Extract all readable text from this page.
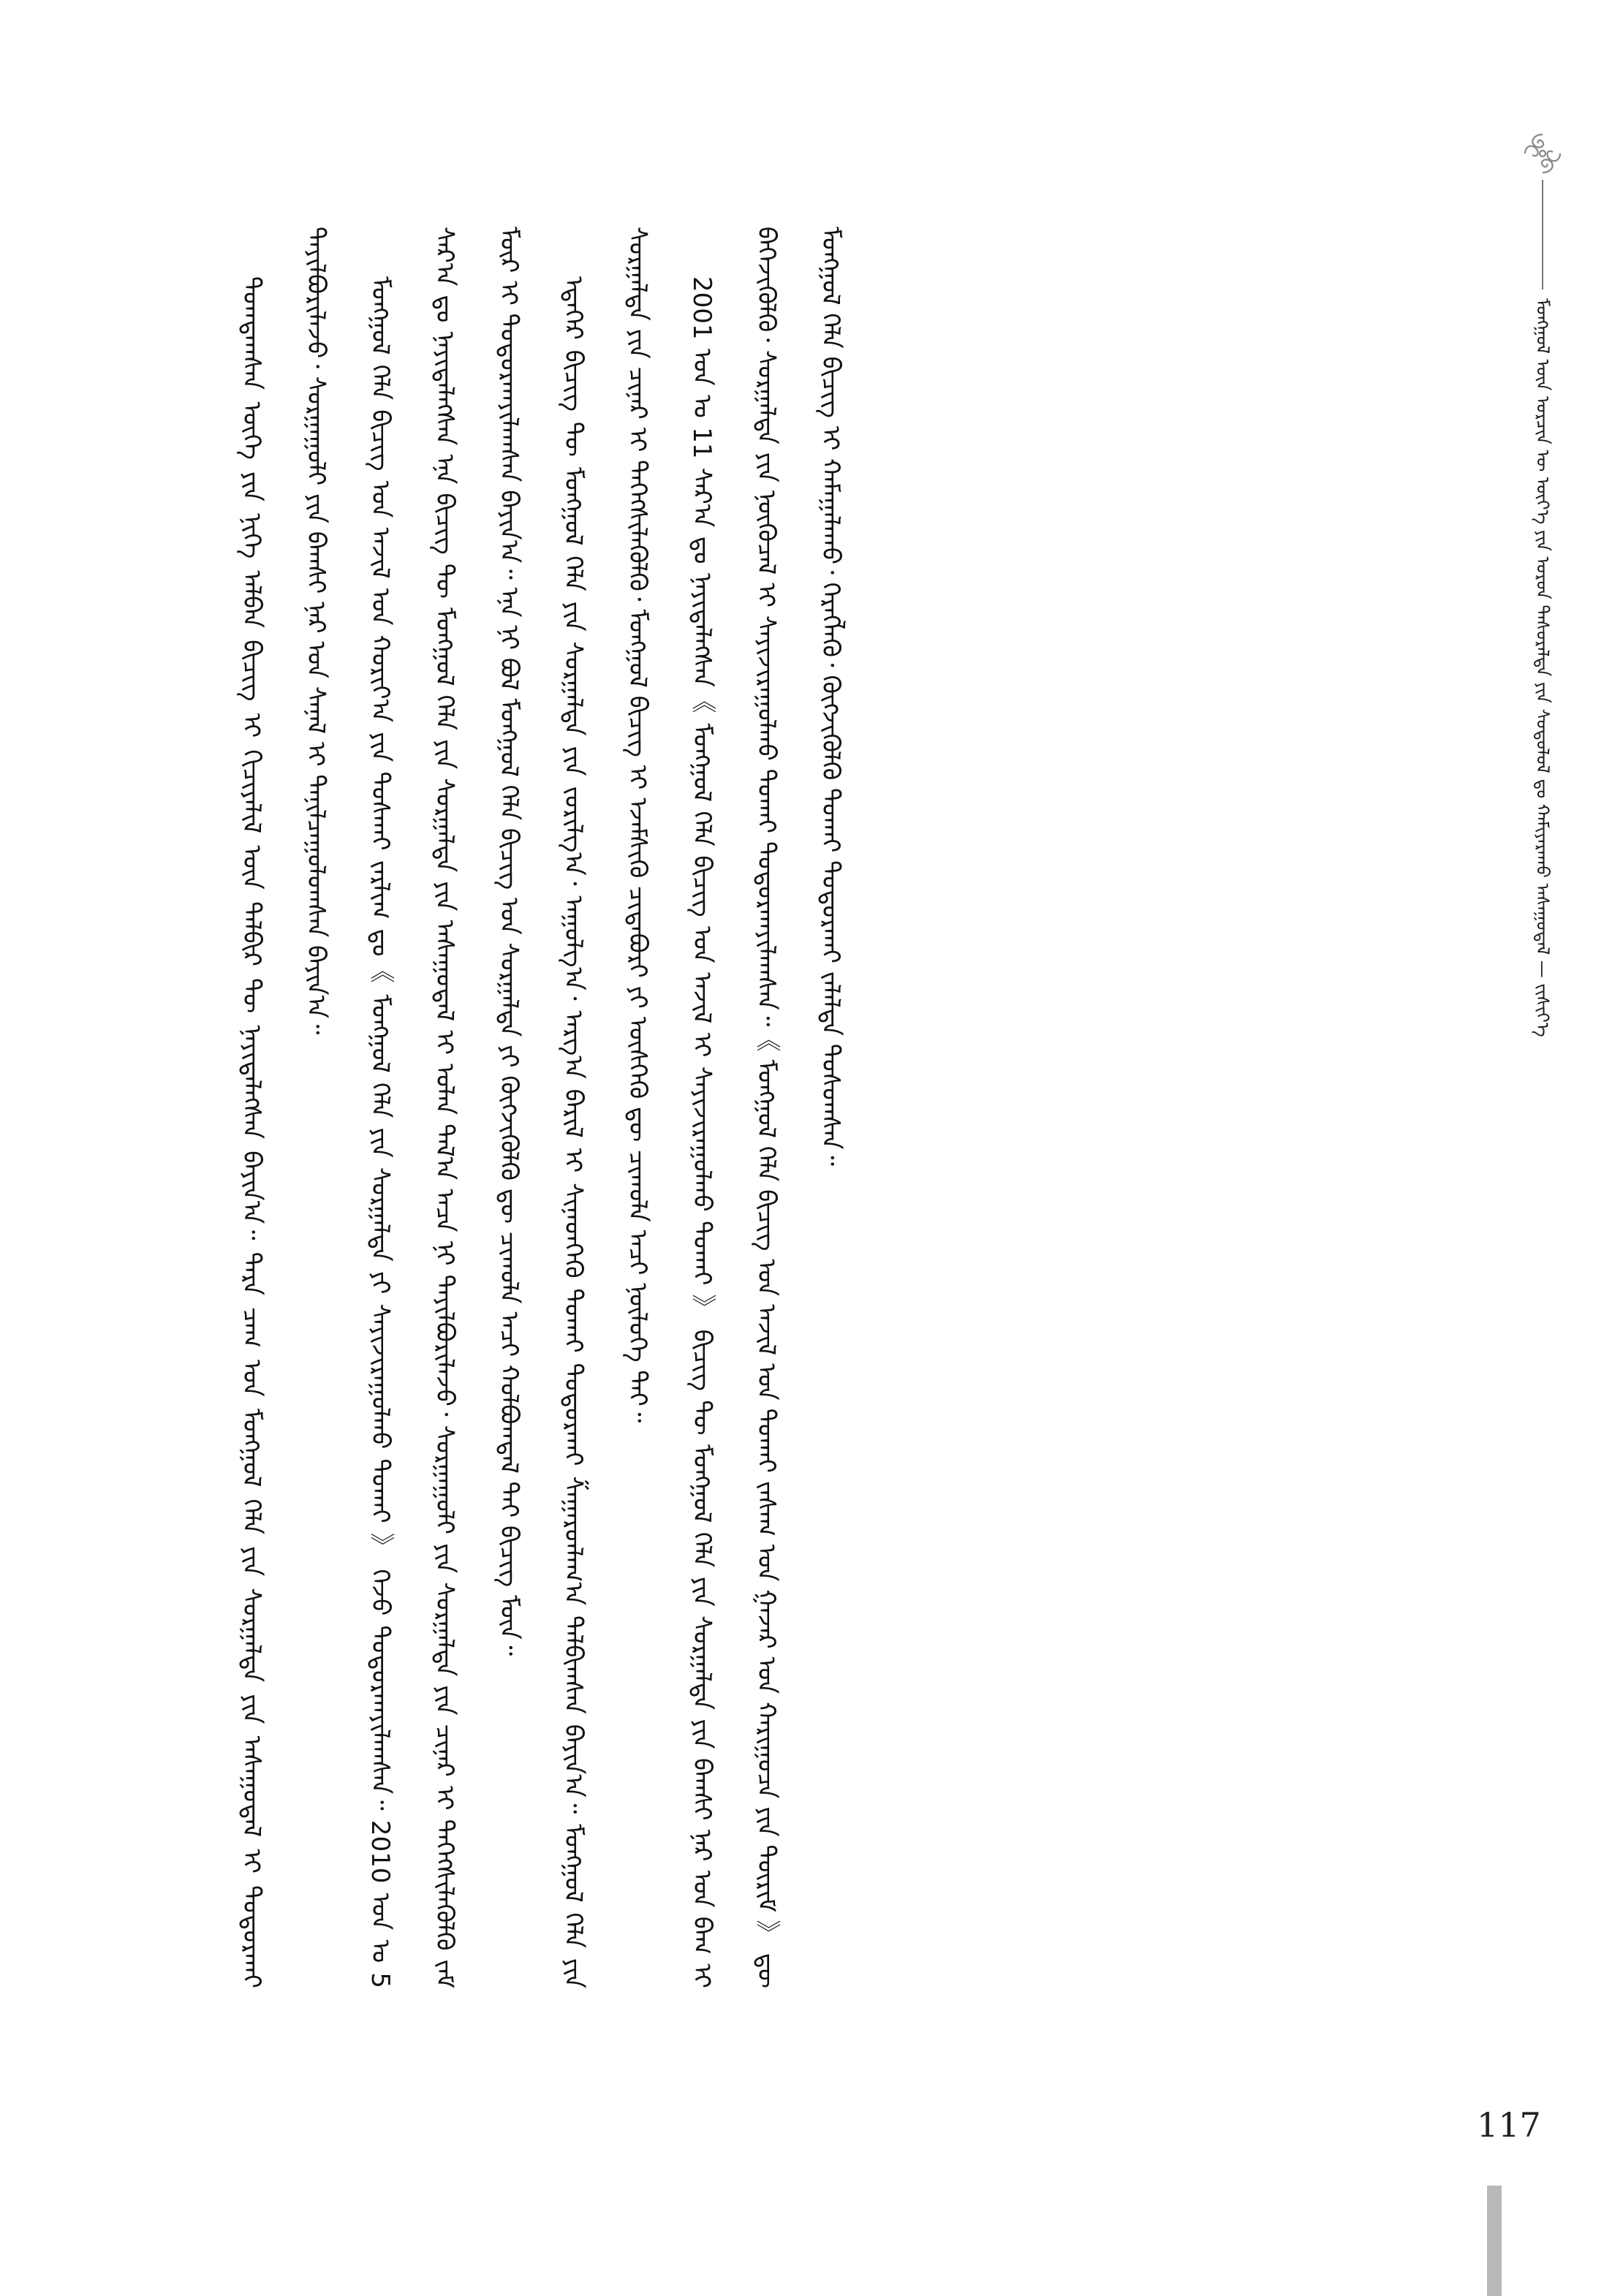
ᠮᠣᠩᠭᠣᠯ ᠦᠨ ᠣᠷᠴᠢᠨ ᠦ ᠦᠶ᠎ᠡ ᠶᠢᠨ ᠤᠷᠤᠨ ᠲᠠᠰᠤᠷᠠᠯᠲᠠ ᠶᠢᠨ ᠰᠤᠳᠤᠯᠤᠯ ᠳᠤ ᠬᠠᠮᠢᠶᠠᠷᠠᠬᠤ ᠠᠰᠠᠭᠤᠳᠠᠯ — ᠵᠢᠰᠢᠶ᠎ᠡ

ᠲᠣᠭᠲᠠᠭᠰᠠᠨ ᠦᠭᠡ ᠶᠢᠨ ᠨᠢᠭᠡ ᠠᠯᠪᠠᠨ ᠪᠢᠴᠢᠭ ᠢ ᠬᠢᠴᠢᠶᠡᠯᠢᠯ ᠦᠨ ᠲᠡᠯᠪᠢᠷ ᠲᠦ ᠨᠡᠶᠢᠲᠡᠯᠡᠭᠰᠡᠨ ᠪᠠᠶᠢᠨ᠎ᠠ᠃ ᠲᠡᠷᠡ ᠴᠠᠭ ᠤᠨ ᠮᠣᠩᠭᠣᠯ ᠬᠡᠯᠡ ᠶᠢᠨ ᠰᠤᠷᠭᠠᠯᠲᠠ ᠶᠢᠨ ᠠᠰᠠᠭᠤᠳᠠᠯ ᠢ ᠲᠣᠳᠣᠷᠬᠠᠶ ᠲᠠᠶᠢᠯᠪᠤᠷᠢᠯᠠᠵᠤ᠂ ᠰᠤᠷᠭᠠᠭᠤᠯᠢ ᠶᠢᠨ ᠪᠠᠭᠰᠢ ᠨᠠᠷ ᠤᠨ ᠰᠠᠨᠠᠯ ᠢ ᠲᠠᠨᠢᠯᠴᠠᠭᠤᠯᠤᠭᠰᠠᠨ ᠪᠠᠶᠢᠨ᠎ᠠ᠃	ᠮᠣᠩᠭᠣᠯ ᠬᠡᠯᠡ ᠪᠢᠴᠢᠭ ᠤᠨ ᠠᠵᠢᠯ ᠤᠨ ᠬᠣᠷᠢᠶ᠎ᠠ ᠶᠢᠨ ᠲᠤᠰᠬᠠᠢ ᠵᠠᠷᠯᠢᠭ ᠳᠤ《 ᠮᠣᠩᠭᠣᠯ ᠬᠡᠯᠡ ᠶᠢᠨ ᠰᠤᠷᠭᠠᠯᠲᠠ ᠶᠢ ᠰᠠᠶᠢᠵᠢᠷᠠᠭᠤᠯᠬᠤ ᠲᠤᠬᠠᠢ 》 ᠭᠡᠵᠦ ᠲᠣᠳᠣᠷᠬᠠᠶᠢᠯᠠᠭᠰᠠᠨ᠃ 2010 ᠣᠨ ᠤ 5 ᠰᠠᠷ᠎ᠠ ᠳᠤ ᠨᠡᠶᠢᠲᠡᠯᠡᠭᠰᠡᠨ ᠡᠨᠡ ᠪᠢᠴᠢᠭ ᠲᠦ ᠮᠣᠩᠭᠣᠯ ᠬᠡᠯᠡ ᠶᠢᠨ ᠰᠤᠷᠭᠠᠯᠲᠠ ᠶᠢᠨ ᠠᠰᠠᠭᠤᠳᠠᠯ ᠢ ᠣᠯᠠᠨ ᠲᠠᠯ᠎ᠠ ᠠᠴᠠ ᠨᠢ ᠲᠠᠶᠢᠯᠪᠤᠷᠢᠯᠠᠵᠤ᠂ ᠰᠤᠷᠭᠠᠭᠤᠯᠢ ᠶᠢᠨ ᠰᠤᠷᠭᠠᠯᠲᠠ ᠶᠢᠨ ᠴᠢᠨᠠᠷ ᠢ ᠳᠡᠭᠡᠭᠰᠢᠯᠡᠭᠦᠯᠬᠦ ᠵᠠᠮ ᠮᠥᠷ ᠢ ᠲᠣᠳᠣᠷᠬᠠᠶᠢᠯᠠᠭᠰᠠᠨ ᠪᠠᠶᠢᠨ᠎ᠠ᠃ ᠡᠨᠡ ᠨᠢ ᠪᠣᠯ ᠮᠣᠩᠭᠣᠯ ᠬᠡᠯᠡ ᠪᠢᠴᠢᠭ ᠤᠨ ᠰᠤᠷᠭᠠᠯᠲᠠ ᠶᠢ ᠬᠥᠭᠵᠢᠭᠦᠯᠬᠦ ᠳᠦ ᠴᠢᠬᠤᠯᠠ ᠠᠴᠢ ᠬᠣᠯᠪᠣᠭᠳᠠᠯ ᠲᠠᠶ ᠪᠢᠴᠢᠭ ᠮᠥᠨ᠃	ᠡᠳᠡᠭᠡᠷ ᠪᠢᠴᠢᠭ ᠲᠦ ᠮᠣᠩᠭᠣᠯ ᠬᠡᠯᠡ ᠶᠢᠨ ᠰᠤᠷᠭᠠᠯᠲᠠ ᠶᠢᠨ ᠵᠣᠷᠢᠯᠭ᠎ᠠ᠂ ᠠᠭᠤᠯᠭ᠎ᠠ᠂ ᠠᠷᠭ᠎ᠠ ᠪᠠᠷᠢᠯ ᠢ ᠰᠢᠨᠡᠳᠭᠡᠬᠦ ᠲᠤᠬᠠᠢ ᠲᠣᠳᠣᠷᠬᠠᠶ ᠱᠠᠭᠠᠷᠳᠯᠠᠭ᠎ᠠ ᠲᠠᠯᠪᠢᠭᠰᠠᠨ ᠪᠠᠶᠢᠨ᠎ᠠ᠃ ᠮᠣᠩᠭᠣᠯ ᠬᠡᠯᠡ ᠶᠢᠨ ᠰᠤᠷᠭᠠᠯᠲᠠ ᠶᠢᠨ ᠴᠢᠨᠠᠷ ᠢ ᠳᠡᠭᠡᠭᠰᠢᠯᠡᠭᠦᠯᠬᠦ᠂ ᠮᠣᠩᠭᠣᠯ ᠪᠢᠴᠢᠭ ᠢ ᠡᠵᠡᠮᠰᠢᠬᠦ ᠴᠢᠳᠠᠪᠦᠷᠢ ᠶᠢ ᠥᠰᠬᠡᠬᠦ ᠳᠦ ᠴᠢᠬᠤᠯᠠ ᠠᠴᠢ ᠨᠥᠯᠥᠭᠡ ᠲᠠᠶ᠃	2001 ᠣᠨ ᠤ 11 ᠰᠠᠷ᠎ᠠ ᠳᠤ ᠨᠡᠶᠢᠲᠡᠯᠡᠭᠰᠡᠨ《 ᠮᠣᠩᠭᠣᠯ ᠬᠡᠯᠡ ᠪᠢᠴᠢᠭ ᠤᠨ ᠠᠵᠢᠯ ᠢ ᠰᠠᠶᠢᠵᠢᠷᠠᠭᠤᠯᠬᠤ ᠲᠤᠬᠠᠢ 》 ᠪᠢᠴᠢᠭ ᠲᠦ ᠮᠣᠩᠭᠣᠯ ᠬᠡᠯᠡ ᠶᠢᠨ ᠰᠤᠷᠭᠠᠯᠲᠠ ᠶᠢᠨ ᠪᠠᠭᠰᠢ ᠨᠠᠷ ᠤᠨ ᠪᠠᠭ ᠢ ᠪᠡᠬᠡᠵᠢᠭᠦᠯᠬᠦ᠂ ᠰᠤᠷᠭᠠᠯᠲᠠ ᠶᠢᠨ ᠨᠥᠬᠥᠴᠡᠯ ᠢ ᠰᠠᠶᠢᠵᠢᠷᠠᠭᠤᠯᠬᠤ ᠲᠤᠬᠠᠢ ᠲᠣᠳᠣᠷᠬᠠᠶᠢᠯᠠᠭᠰᠠᠨ᠃《 ᠮᠣᠩᠭᠣᠯ ᠬᠡᠯᠡ ᠪᠢᠴᠢᠭ ᠤᠨ ᠠᠵᠢᠯ ᠤᠨ ᠲᠤᠬᠠᠢ ᠵᠠᠰᠠᠭ ᠤᠨ ᠭᠠᠵᠠᠷ ᠤᠨ ᠬᠠᠷᠢᠭᠤᠴᠠ ᠶᠢᠨ ᠳᠦᠷᠢᠮ 》 ᠳᠦ ᠮᠣᠩᠭᠣᠯ ᠬᠡᠯᠡ ᠪᠢᠴᠢᠭ ᠢ ᠬᠠᠮᠠᠭᠠᠯᠠᠬᠤ᠂ ᠬᠡᠷᠡᠭᠯᠡᠬᠦ᠂ ᠬᠥᠭᠵᠢᠭᠦᠯᠬᠦ ᠲᠤᠬᠠᠢ ᠲᠣᠳᠣᠷᠬᠠᠶ ᠵᠠᠯᠠᠯᠲᠠ ᠲᠤᠰᠤᠭᠰᠠᠨ᠃

117
